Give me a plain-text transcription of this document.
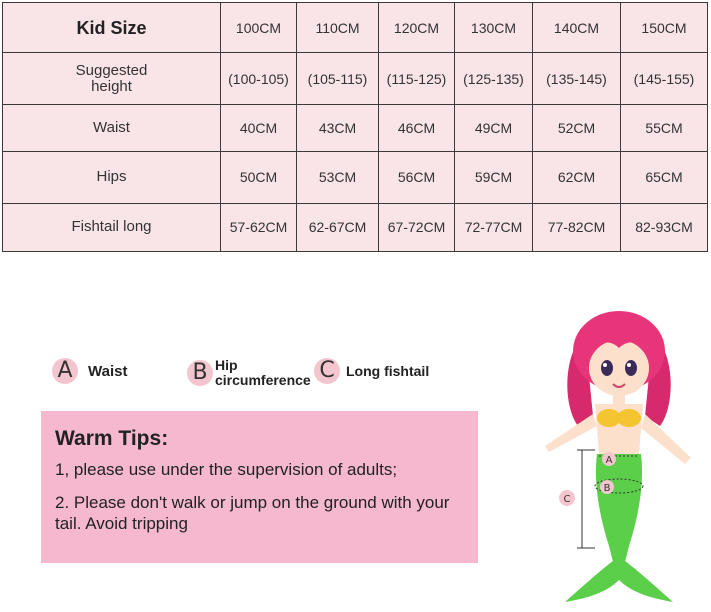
Kid Size	100CM	110CM	120CM	130CM	140CM	150CM

Suggested height	(100-105)	(105-115)	(115-125)	(125-135)	(135-145)	(145-155)
Waist	40CM	43CM	46CM	49CM	52CM	55CM
Hips	50CM	53CM	56CM	59CM	62CM	65CM
Fishtail long	57-62CM	62-67CM	67-72CM	72-77CM	77-82CM	82-93CM
A	Waist	B Hip circumference C Long fishtail
Warm Tips:

1, please use under the supervision of adults;

2. Please don't walk or jump on the ground with your tail. Avoid tripping

A
B
C
